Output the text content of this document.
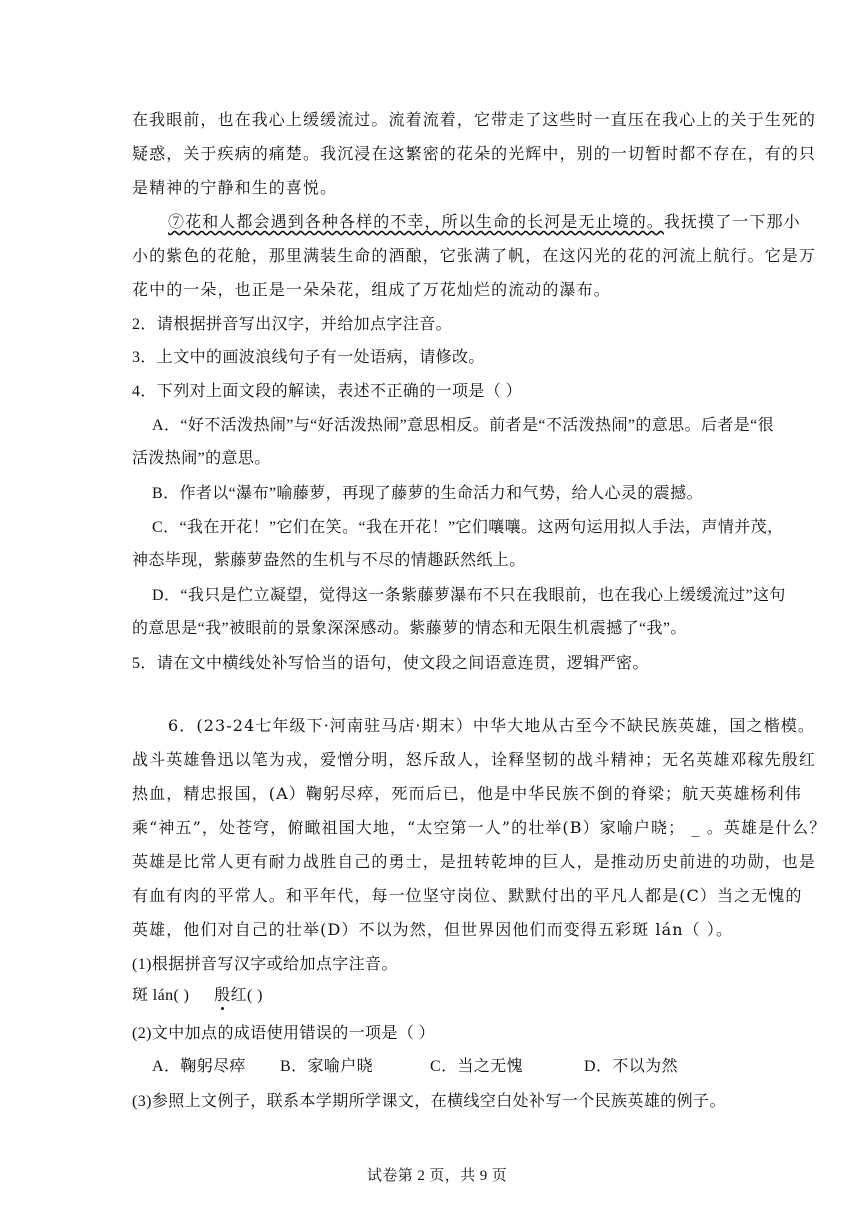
在我眼前，也在我心上缓缓流过。流着流着，它带走了这些时一直压在我心上的关于生死的
疑惑，关于疾病的痛楚。我沉浸在这繁密的花朵的光辉中，别的一切暂时都不存在，有的只
是精神的宁静和生的喜悦。
⑦花和人都会遇到各种各样的不幸，所以生命的长河是无止境的。我抚摸了一下那小
小的紫色的花舱，那里满装生命的酒酿，它张满了帆，在这闪光的花的河流上航行。它是万
花中的一朵，也正是一朵朵花，组成了万花灿烂的流动的瀑布。
2．请根据拼音写出汉字，并给加点字注音。
3．上文中的画波浪线句子有一处语病，请修改。
4．下列对上面文段的解读，表述不正确的一项是（ ）
A．“好不活泼热闹”与“好活泼热闹”意思相反。前者是“不活泼热闹”的意思。后者是“很
活泼热闹”的意思。
B．作者以“瀑布”喻藤萝，再现了藤萝的生命活力和气势，给人心灵的震撼。
C．“我在开花！”它们在笑。“我在开花！”它们嚷嚷。这两句运用拟人手法，声情并茂，
神态毕现，紫藤萝盎然的生机与不尽的情趣跃然纸上。
D．“我只是伫立凝望，觉得这一条紫藤萝瀑布不只在我眼前，也在我心上缓缓流过”这句
的意思是“我”被眼前的景象深深感动。紫藤萝的情态和无限生机震撼了“我”。
5．请在文中横线处补写恰当的语句，使文段之间语意连贯，逻辑严密。
6．(23-24七年级下·河南驻马店·期末）中华大地从古至今不缺民族英雄，国之楷模。
战斗英雄鲁迅以笔为戎，爱憎分明，怒斥敌人，诠释坚韧的战斗精神；无名英雄邓稼先殷红
热血，精忠报国，(A）鞠躬尽瘁，死而后已，他是中华民族不倒的脊梁；航天英雄杨利伟
乘“神五”，处苍穹，俯瞰祖国大地，“太空第一人”的壮举(B）家喻户晓； _ 。英雄是什么？
英雄是比常人更有耐力战胜自己的勇士，是扭转乾坤的巨人，是推动历史前进的功勋，也是
有血有肉的平常人。和平年代，每一位坚守岗位、默默付出的平凡人都是(C）当之无愧的
英雄，他们对自己的壮举(D）不以为然，但世界因他们而变得五彩斑 lán（ ）。
(1)根据拼音写汉字或给加点字注音。
斑 lán( ) 殷红( )
(2)文中加点的成语使用错误的一项是（ ）
A．鞠躬尽瘁 B．家喻户晓	C．当之无愧	D．不以为然
(3)参照上文例子，联系本学期所学课文，在横线空白处补写一个民族英雄的例子。
试卷第 2 页，共 9 页
